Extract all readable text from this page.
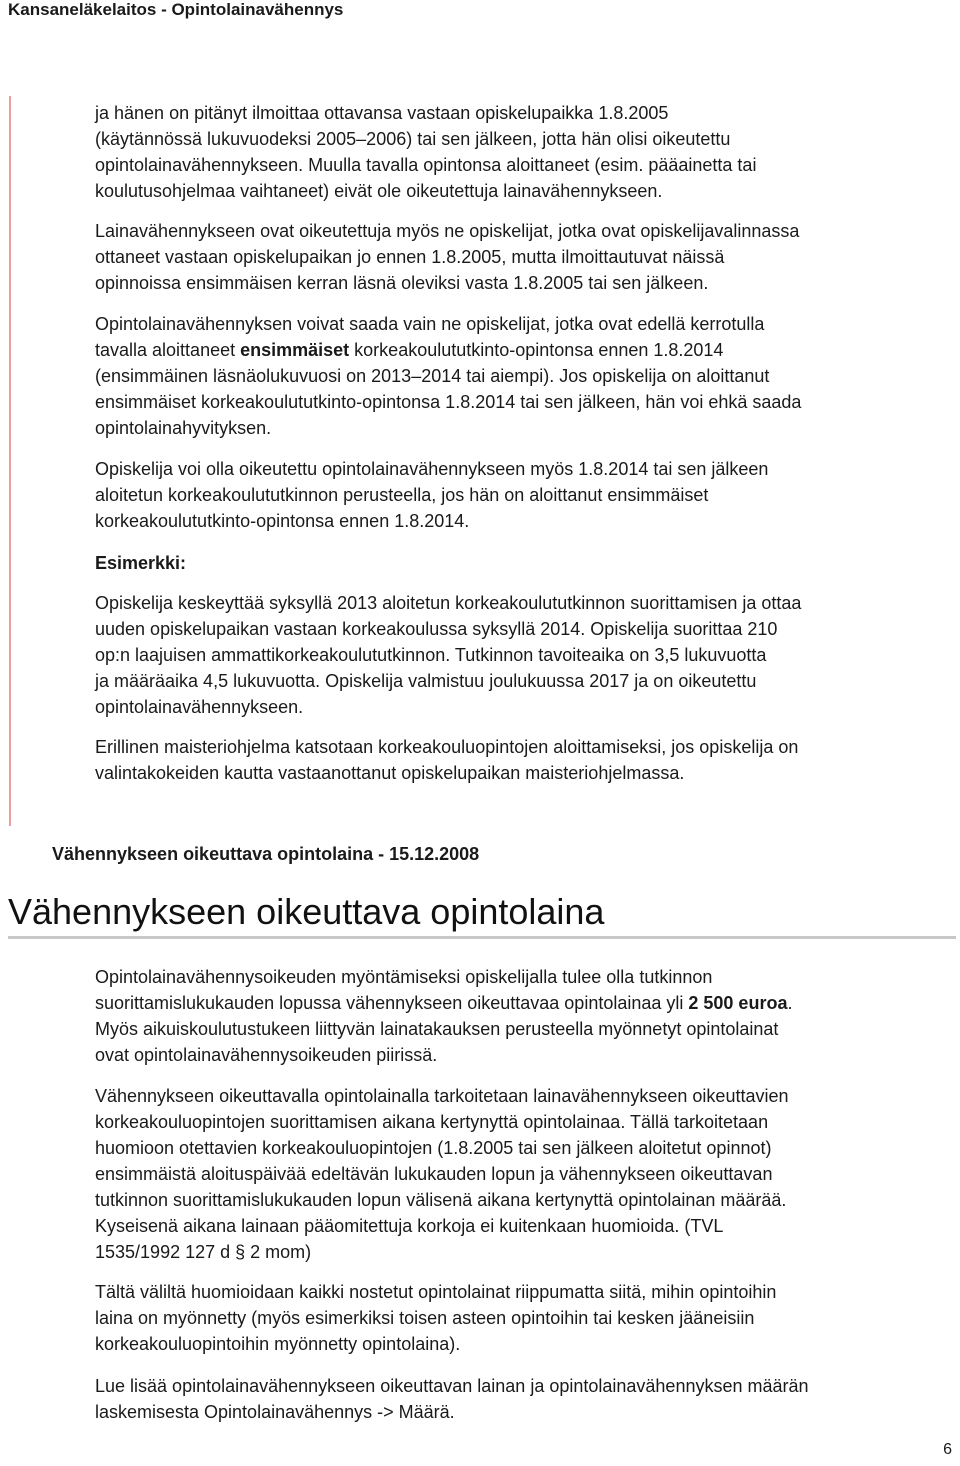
Kansaneläkelaitos - Opintolainavähennys

ja hänen on pitänyt ilmoittaa ottavansa vastaan opiskelupaikka 1.8.2005

(käytännössä lukuvuodeksi 2005–2006) tai sen jälkeen, jotta hän olisi oikeutettu

opintolainavähennykseen. Muulla tavalla opintonsa aloittaneet (esim. pääainetta tai

koulutusohjelmaa vaihtaneet) eivät ole oikeutettuja lainavähennykseen.

Lainavähennykseen ovat oikeutettuja myös ne opiskelijat, jotka ovat opiskelijavalinnassa

ottaneet vastaan opiskelupaikan jo ennen 1.8.2005, mutta ilmoittautuvat näissä

opinnoissa ensimmäisen kerran läsnä oleviksi vasta 1.8.2005 tai sen jälkeen.

Opintolainavähennyksen voivat saada vain ne opiskelijat, jotka ovat edellä kerrotulla

tavalla aloittaneet ensimmäiset korkeakoulututkinto-opintonsa ennen 1.8.2014

(ensimmäinen läsnäolukuvuosi on 2013–2014 tai aiempi). Jos opiskelija on aloittanut

ensimmäiset korkeakoulututkinto-opintonsa 1.8.2014 tai sen jälkeen, hän voi ehkä saada

opintolainahyvityksen.

Opiskelija voi olla oikeutettu opintolainavähennykseen myös 1.8.2014 tai sen jälkeen

aloitetun korkeakoulututkinnon perusteella, jos hän on aloittanut ensimmäiset

korkeakoulututkinto-opintonsa ennen 1.8.2014.

Esimerkki:

Opiskelija keskeyttää syksyllä 2013 aloitetun korkeakoulututkinnon suorittamisen ja ottaa

uuden opiskelupaikan vastaan korkeakoulussa syksyllä 2014. Opiskelija suorittaa 210

op:n laajuisen ammattikorkeakoulututkinnon. Tutkinnon tavoiteaika on 3,5 lukuvuotta

ja määräaika 4,5 lukuvuotta. Opiskelija valmistuu joulukuussa 2017 ja on oikeutettu

opintolainavähennykseen.

Erillinen maisteriohjelma katsotaan korkeakouluopintojen aloittamiseksi, jos opiskelija on

valintakokeiden kautta vastaanottanut opiskelupaikan maisteriohjelmassa.

Vähennykseen oikeuttava opintolaina - 15.12.2008
Vähennykseen oikeuttava opintolaina

Opintolainavähennysoikeuden myöntämiseksi opiskelijalla tulee olla tutkinnon

suorittamislukukauden lopussa vähennykseen oikeuttavaa opintolainaa yli 2 500 euroa.

Myös aikuiskoulutustukeen liittyvän lainatakauksen perusteella myönnetyt opintolainat

ovat opintolainavähennysoikeuden piirissä.

Vähennykseen oikeuttavalla opintolainalla tarkoitetaan lainavähennykseen oikeuttavien

korkeakouluopintojen suorittamisen aikana kertynyttä opintolainaa. Tällä tarkoitetaan

huomioon otettavien korkeakouluopintojen (1.8.2005 tai sen jälkeen aloitetut opinnot)

ensimmäistä aloituspäivää edeltävän lukukauden lopun ja vähennykseen oikeuttavan

tutkinnon suorittamislukukauden lopun välisenä aikana kertynyttä opintolainan määrää.

Kyseisenä aikana lainaan pääomitettuja korkoja ei kuitenkaan huomioida. (TVL

1535/1992 127 d § 2 mom)

Tältä väliltä huomioidaan kaikki nostetut opintolainat riippumatta siitä, mihin opintoihin

laina on myönnetty (myös esimerkiksi toisen asteen opintoihin tai kesken jääneisiin

korkeakouluopintoihin myönnetty opintolaina).

Lue lisää opintolainavähennykseen oikeuttavan lainan ja opintolainavähennyksen määrän

laskemisesta Opintolainavähennys -> Määrä.

6
